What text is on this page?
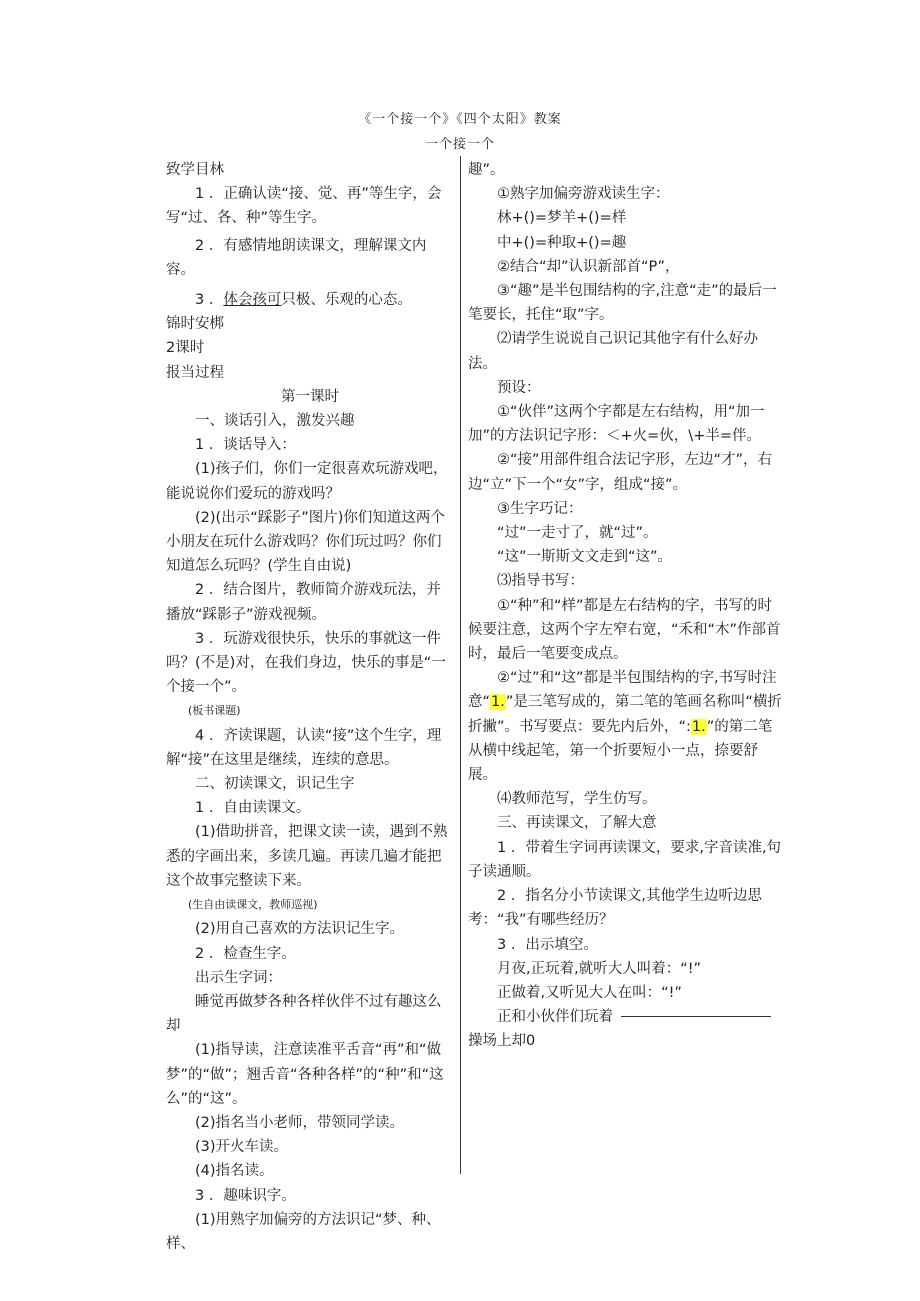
《一个接一个》《四个太阳》教案
一个接一个

致学目林

1 ．正确认读“接、觉、再”等生字，会写“过、各、种”等生字。

2 ．有感情地朗读课文，理解课文内容。

3 ．体会孩可只极、乐观的心态。

锦时安梆

2课时

报当过程

第一课时

一、谈话引入，激发兴趣

1 ．谈话导入：

(1)孩子们，你们一定很喜欢玩游戏吧，能说说你们爱玩的游戏吗？

(2)(出示“踩影子”图片)你们知道这两个小朋友在玩什么游戏吗？你们玩过吗？你们知道怎么玩吗？(学生自由说)

2 ．结合图片，教师简介游戏玩法，并播放“踩影子”游戏视频。

3 ．玩游戏很快乐，快乐的事就这一件吗？(不是)对，在我们身边，快乐的事是“一个接一个”。

(板书课题)

4 ．齐读课题，认读“接”这个生字，理解“接”在这里是继续，连续的意思。

二、初读课文，识记生字

1 ．自由读课文。

(1)借助拼音，把课文读一读，遇到不熟悉的字画出来，多读几遍。再读几遍才能把这个故事完整读下来。

(生自由读课文，教师巡视)

(2)用自己喜欢的方法识记生字。

2 ．检查生字。

出示生字词：

睡觉再做梦各种各样伙伴不过有趣这么却

(1)指导读，注意读准平舌音“再”和“做梦”的“做”；翘舌音“各种各样”的“种”和“这么”的“这”。

(2)指名当小老师，带领同学读。

(3)开火车读。

(4)指名读。

3 ．趣味识字。

(1)用熟字加偏旁的方法识记“梦、种、样、

趣”。

①熟字加偏旁游戏读生字：

林+()=梦羊+()=样

中+()=种取+()=趣

②结合“却”认识新部首“P”，

③“趣”是半包围结构的字,注意“走”的最后一笔要长，托住“取”字。

⑵请学生说说自己识记其他字有什么好办法。

预设：

①“伙伴”这两个字都是左右结构，用“加一加”的方法识记字形：＜+火=伙，\+半=伴。

②“接”用部件组合法记字形，左边“才”，右边“立”下一个“女”字，组成“接”。

③生字巧记：

“过”一走寸了，就“过”。

“这”一斯斯文文走到“这”。

⑶指导书写：

①“种”和“样”都是左右结构的字，书写的时候要注意，这两个字左窄右宽，“禾和“木”作部首时，最后一笔要变成点。

②“过”和“这”都是半包围结构的字,书写时注意“1.”是三笔写成的，第二笔的笔画名称叫“横折折撇”。书写要点：要先内后外，“:1.”的第二笔从横中线起笔，第一个折要短小一点，捺要舒展。

⑷教师范写，学生仿写。

三、再读课文，了解大意

1 ．带着生字词再读课文，要求,字音读准,句子读通顺。

2 ．指名分小节读课文,其他学生边听边思考：“我”有哪些经历？

3 ．出示填空。

月夜,正玩着,就听大人叫着：“!”

正做着,又听见大人在叫：“!”

正和小伙伴们玩着

操场上却0
